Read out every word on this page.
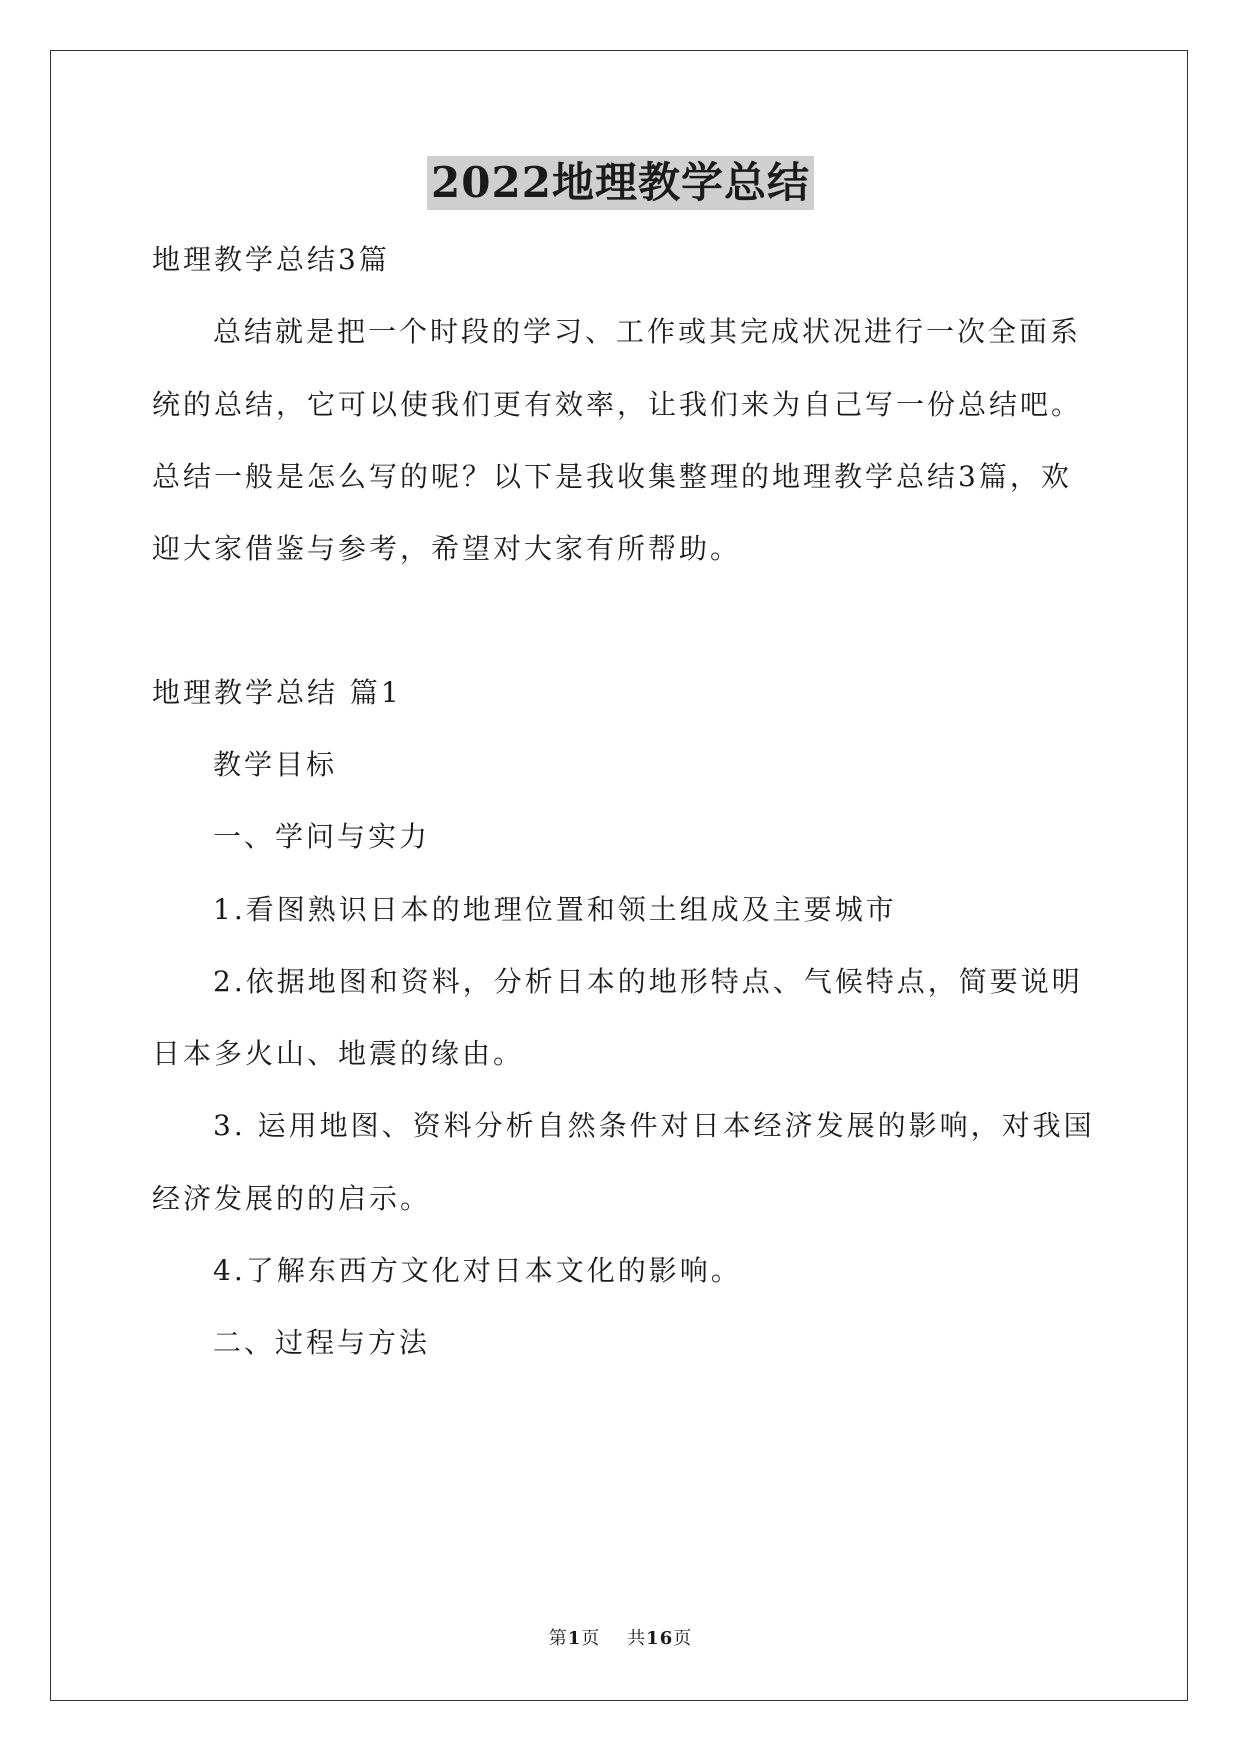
2022地理教学总结
地理教学总结3篇
总结就是把一个时段的学习、工作或其完成状况进行一次全面系
统的总结，它可以使我们更有效率，让我们来为自己写一份总结吧。
总结一般是怎么写的呢？以下是我收集整理的地理教学总结3篇，欢
迎大家借鉴与参考，希望对大家有所帮助。
地理教学总结 篇1
教学目标
一、学问与实力
1.看图熟识日本的地理位置和领土组成及主要城市
2.依据地图和资料，分析日本的地形特点、气候特点，简要说明
日本多火山、地震的缘由。
3. 运用地图、资料分析自然条件对日本经济发展的影响，对我国
经济发展的的启示。
4.了解东西方文化对日本文化的影响。
二、过程与方法
第1页 共16页
